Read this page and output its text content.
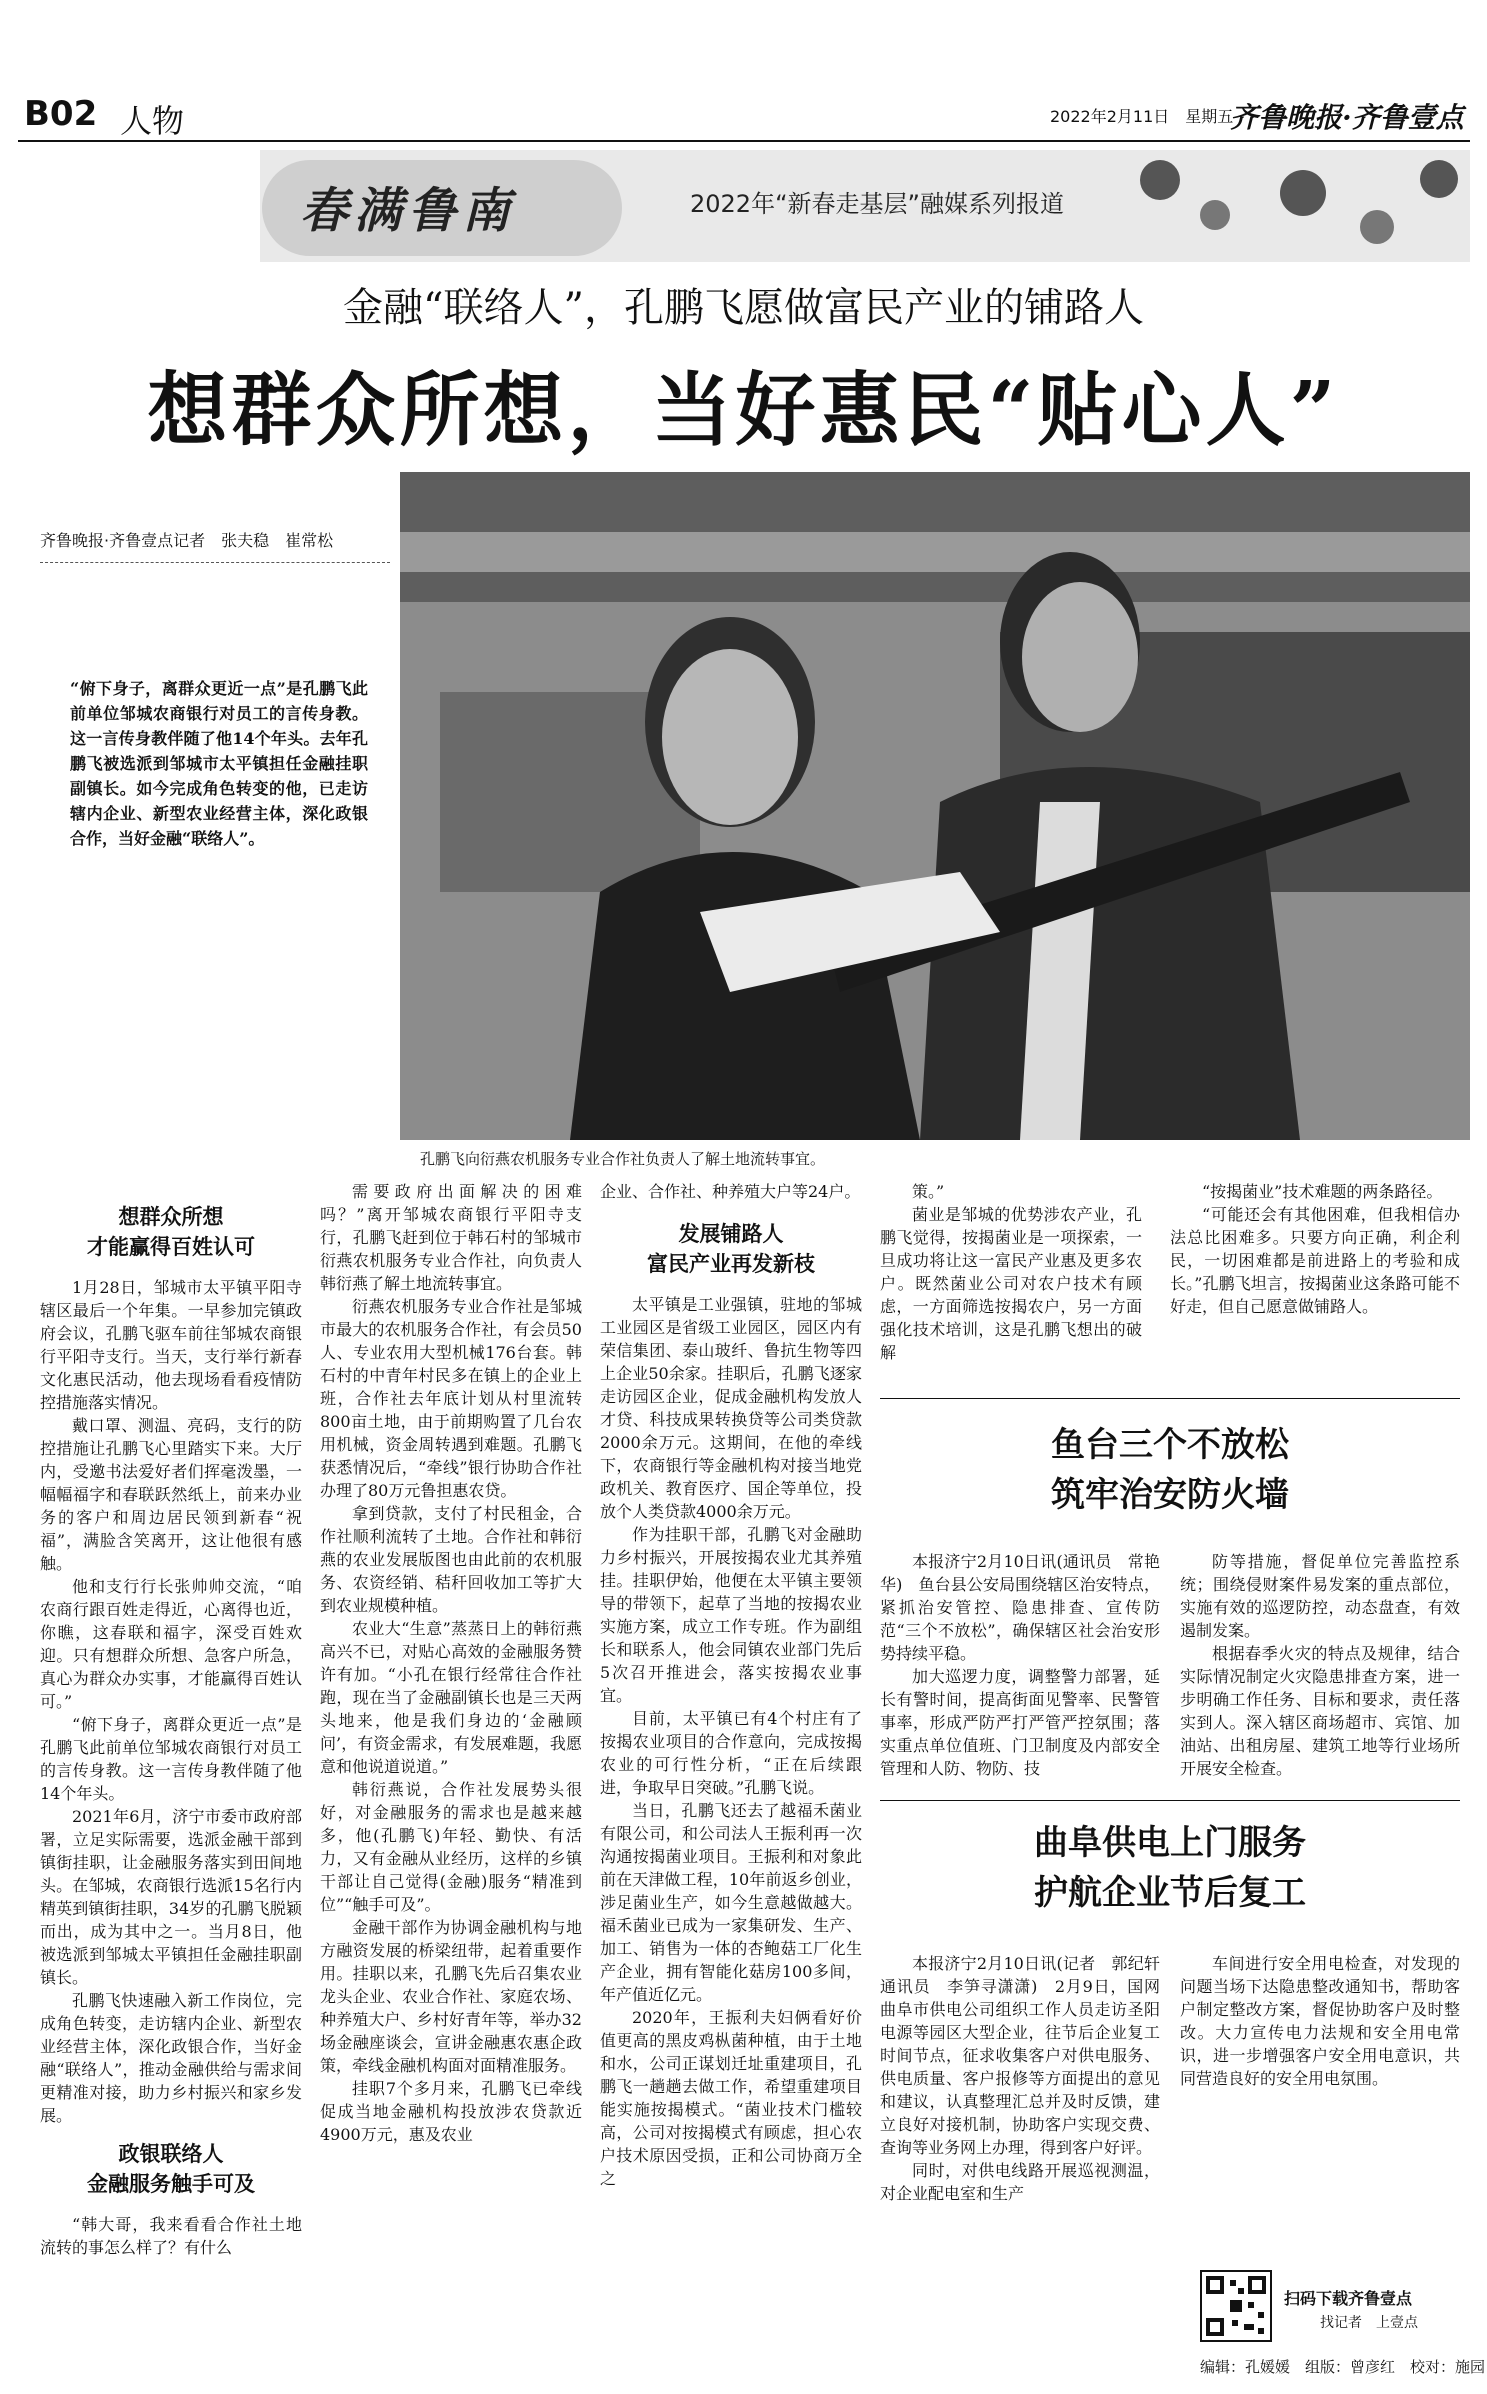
B02 人物	2022年2月11日　 星期五
齐鲁晚报·齐鲁壹点
春满鲁南	2022年“新春走基层”融媒系列报道
金融“联络人”，孔鹏飞愿做富民产业的铺路人
想群众所想，当好惠民“贴心人”
孔鹏飞向衍燕农机服务专业合作社负责人了解土地流转事宜。
齐鲁晚报·齐鲁壹点记者　张夫稳　崔常松
“俯下身子，离群众更近一点”是孔鹏飞此前单位邹城农商银行对员工的言传身教。这一言传身教伴随了他14个年头。去年孔鹏飞被选派到邹城市太平镇担任金融挂职副镇长。如今完成角色转变的他，已走访辖内企业、新型农业经营主体，深化政银合作，当好金融“联络人”。
想群众所想
才能赢得百姓认可

1月28日，邹城市太平镇平阳寺辖区最后一个年集。一早参加完镇政府会议，孔鹏飞驱车前往邹城农商银行平阳寺支行。当天，支行举行新春文化惠民活动，他去现场看看疫情防控措施落实情况。

戴口罩、测温、亮码，支行的防控措施让孔鹏飞心里踏实下来。大厅内，受邀书法爱好者们挥毫泼墨，一幅幅福字和春联跃然纸上，前来办业务的客户和周边居民领到新春“祝福”，满脸含笑离开，这让他很有感触。

他和支行行长张帅帅交流，“咱农商行跟百姓走得近，心离得也近，你瞧，这春联和福字，深受百姓欢迎。只有想群众所想、急客户所急，真心为群众办实事，才能赢得百姓认可。”

“俯下身子，离群众更近一点”是孔鹏飞此前单位邹城农商银行对员工的言传身教。这一言传身教伴随了他14个年头。

2021年6月，济宁市委市政府部署，立足实际需要，选派金融干部到镇街挂职，让金融服务落实到田间地头。在邹城，农商银行选派15名行内精英到镇街挂职，34岁的孔鹏飞脱颖而出，成为其中之一。当月8日，他被选派到邹城太平镇担任金融挂职副镇长。

孔鹏飞快速融入新工作岗位，完成角色转变，走访辖内企业、新型农业经营主体，深化政银合作，当好金融“联络人”，推动金融供给与需求间更精准对接，助力乡村振兴和家乡发展。

政银联络人
金融服务触手可及

“韩大哥，我来看看合作社土地流转的事怎么样了？有什么

需要政府出面解决的困难吗？”离开邹城农商银行平阳寺支行，孔鹏飞赶到位于韩石村的邹城市衍燕农机服务专业合作社，向负责人韩衍燕了解土地流转事宜。

衍燕农机服务专业合作社是邹城市最大的农机服务合作社，有会员50人、专业农用大型机械176台套。韩石村的中青年村民多在镇上的企业上班，合作社去年底计划从村里流转800亩土地，由于前期购置了几台农用机械，资金周转遇到难题。孔鹏飞获悉情况后，“牵线”银行协助合作社办理了80万元鲁担惠农贷。

拿到贷款，支付了村民租金，合作社顺利流转了土地。合作社和韩衍燕的农业发展版图也由此前的农机服务、农资经销、秸秆回收加工等扩大到农业规模种植。

农业大“生意”蒸蒸日上的韩衍燕高兴不已，对贴心高效的金融服务赞许有加。“小孔在银行经常往合作社跑，现在当了金融副镇长也是三天两头地来，他是我们身边的‘金融顾问’，有资金需求，有发展难题，我愿意和他说道说道。”

韩衍燕说，合作社发展势头很好，对金融服务的需求也是越来越多，他(孔鹏飞)年轻、勤快、有活力，又有金融从业经历，这样的乡镇干部让自己觉得(金融)服务“精准到位”“触手可及”。

金融干部作为协调金融机构与地方融资发展的桥梁纽带，起着重要作用。挂职以来，孔鹏飞先后召集农业龙头企业、农业合作社、家庭农场、种养殖大户、乡村好青年等，举办32场金融座谈会，宣讲金融惠农惠企政策，牵线金融机构面对面精准服务。

挂职7个多月来，孔鹏飞已牵线促成当地金融机构投放涉农贷款近4900万元，惠及农业

企业、合作社、种养殖大户等24户。

发展铺路人
富民产业再发新枝

太平镇是工业强镇，驻地的邹城工业园区是省级工业园区，园区内有荣信集团、泰山玻纤、鲁抗生物等四上企业50余家。挂职后，孔鹏飞逐家走访园区企业，促成金融机构发放人才贷、科技成果转换贷等公司类贷款2000余万元。这期间，在他的牵线下，农商银行等金融机构对接当地党政机关、教育医疗、国企等单位，投放个人类贷款4000余万元。

作为挂职干部，孔鹏飞对金融助力乡村振兴，开展按揭农业尤其养殖挂。挂职伊始，他便在太平镇主要领导的带领下，起草了当地的按揭农业实施方案，成立工作专班。作为副组长和联系人，他会同镇农业部门先后5次召开推进会，落实按揭农业事宜。

目前，太平镇已有4个村庄有了按揭农业项目的合作意向，完成按揭农业的可行性分析，“正在后续跟进，争取早日突破。”孔鹏飞说。

当日，孔鹏飞还去了越福禾菌业有限公司，和公司法人王振利再一次沟通按揭菌业项目。王振利和对象此前在天津做工程，10年前返乡创业，涉足菌业生产，如今生意越做越大。福禾菌业已成为一家集研发、生产、加工、销售为一体的杏鲍菇工厂化生产企业，拥有智能化菇房100多间，年产值近亿元。

2020年，王振利夫妇俩看好价值更高的黑皮鸡枞菌种植，由于土地和水，公司正谋划迁址重建项目，孔鹏飞一趟趟去做工作，希望重建项目能实施按揭模式。“菌业技术门槛较高，公司对按揭模式有顾虑，担心农户技术原因受损，正和公司协商万全之

策。”

菌业是邹城的优势涉农产业，孔鹏飞觉得，按揭菌业是一项探索，一旦成功将让这一富民产业惠及更多农户。既然菌业公司对农户技术有顾虑，一方面筛选按揭农户，另一方面强化技术培训，这是孔鹏飞想出的破解

“按揭菌业”技术难题的两条路径。

“可能还会有其他困难，但我相信办法总比困难多。只要方向正确，利企利民，一切困难都是前进路上的考验和成长。”孔鹏飞坦言，按揭菌业这条路可能不好走，但自己愿意做铺路人。

鱼台三个不放松
筑牢治安防火墙

本报济宁2月10日讯(通讯员　常艳华)　鱼台县公安局围绕辖区治安特点，紧抓治安管控、隐患排查、宣传防范“三个不放松”，确保辖区社会治安形势持续平稳。

加大巡逻力度，调整警力部署，延长有警时间，提高街面见警率、民警管事率，形成严防严打严管严控氛围；落实重点单位值班、门卫制度及内部安全管理和人防、物防、技

防等措施，督促单位完善监控系统；围绕侵财案件易发案的重点部位，实施有效的巡逻防控，动态盘查，有效遏制发案。

根据春季火灾的特点及规律，结合实际情况制定火灾隐患排查方案，进一步明确工作任务、目标和要求，责任落实到人。深入辖区商场超市、宾馆、加油站、出租房屋、建筑工地等行业场所开展安全检查。

曲阜供电上门服务
护航企业节后复工

本报济宁2月10日讯(记者　郭纪轩　通讯员　李笋寻潇潇)　2月9日，国网曲阜市供电公司组织工作人员走访圣阳电源等园区大型企业，往节后企业复工时间节点，征求收集客户对供电服务、供电质量、客户报修等方面提出的意见和建议，认真整理汇总并及时反馈，建立良好对接机制，协助客户实现交费、查询等业务网上办理，得到客户好评。

同时，对供电线路开展巡视测温，对企业配电室和生产

车间进行安全用电检查，对发现的问题当场下达隐患整改通知书，帮助客户制定整改方案，督促协助客户及时整改。大力宣传电力法规和安全用电常识，进一步增强客户安全用电意识，共同营造良好的安全用电氛围。

扫码下载齐鲁壹点
找记者　上壹点
编辑：孔媛媛　组版：曾彦红　校对：施园
